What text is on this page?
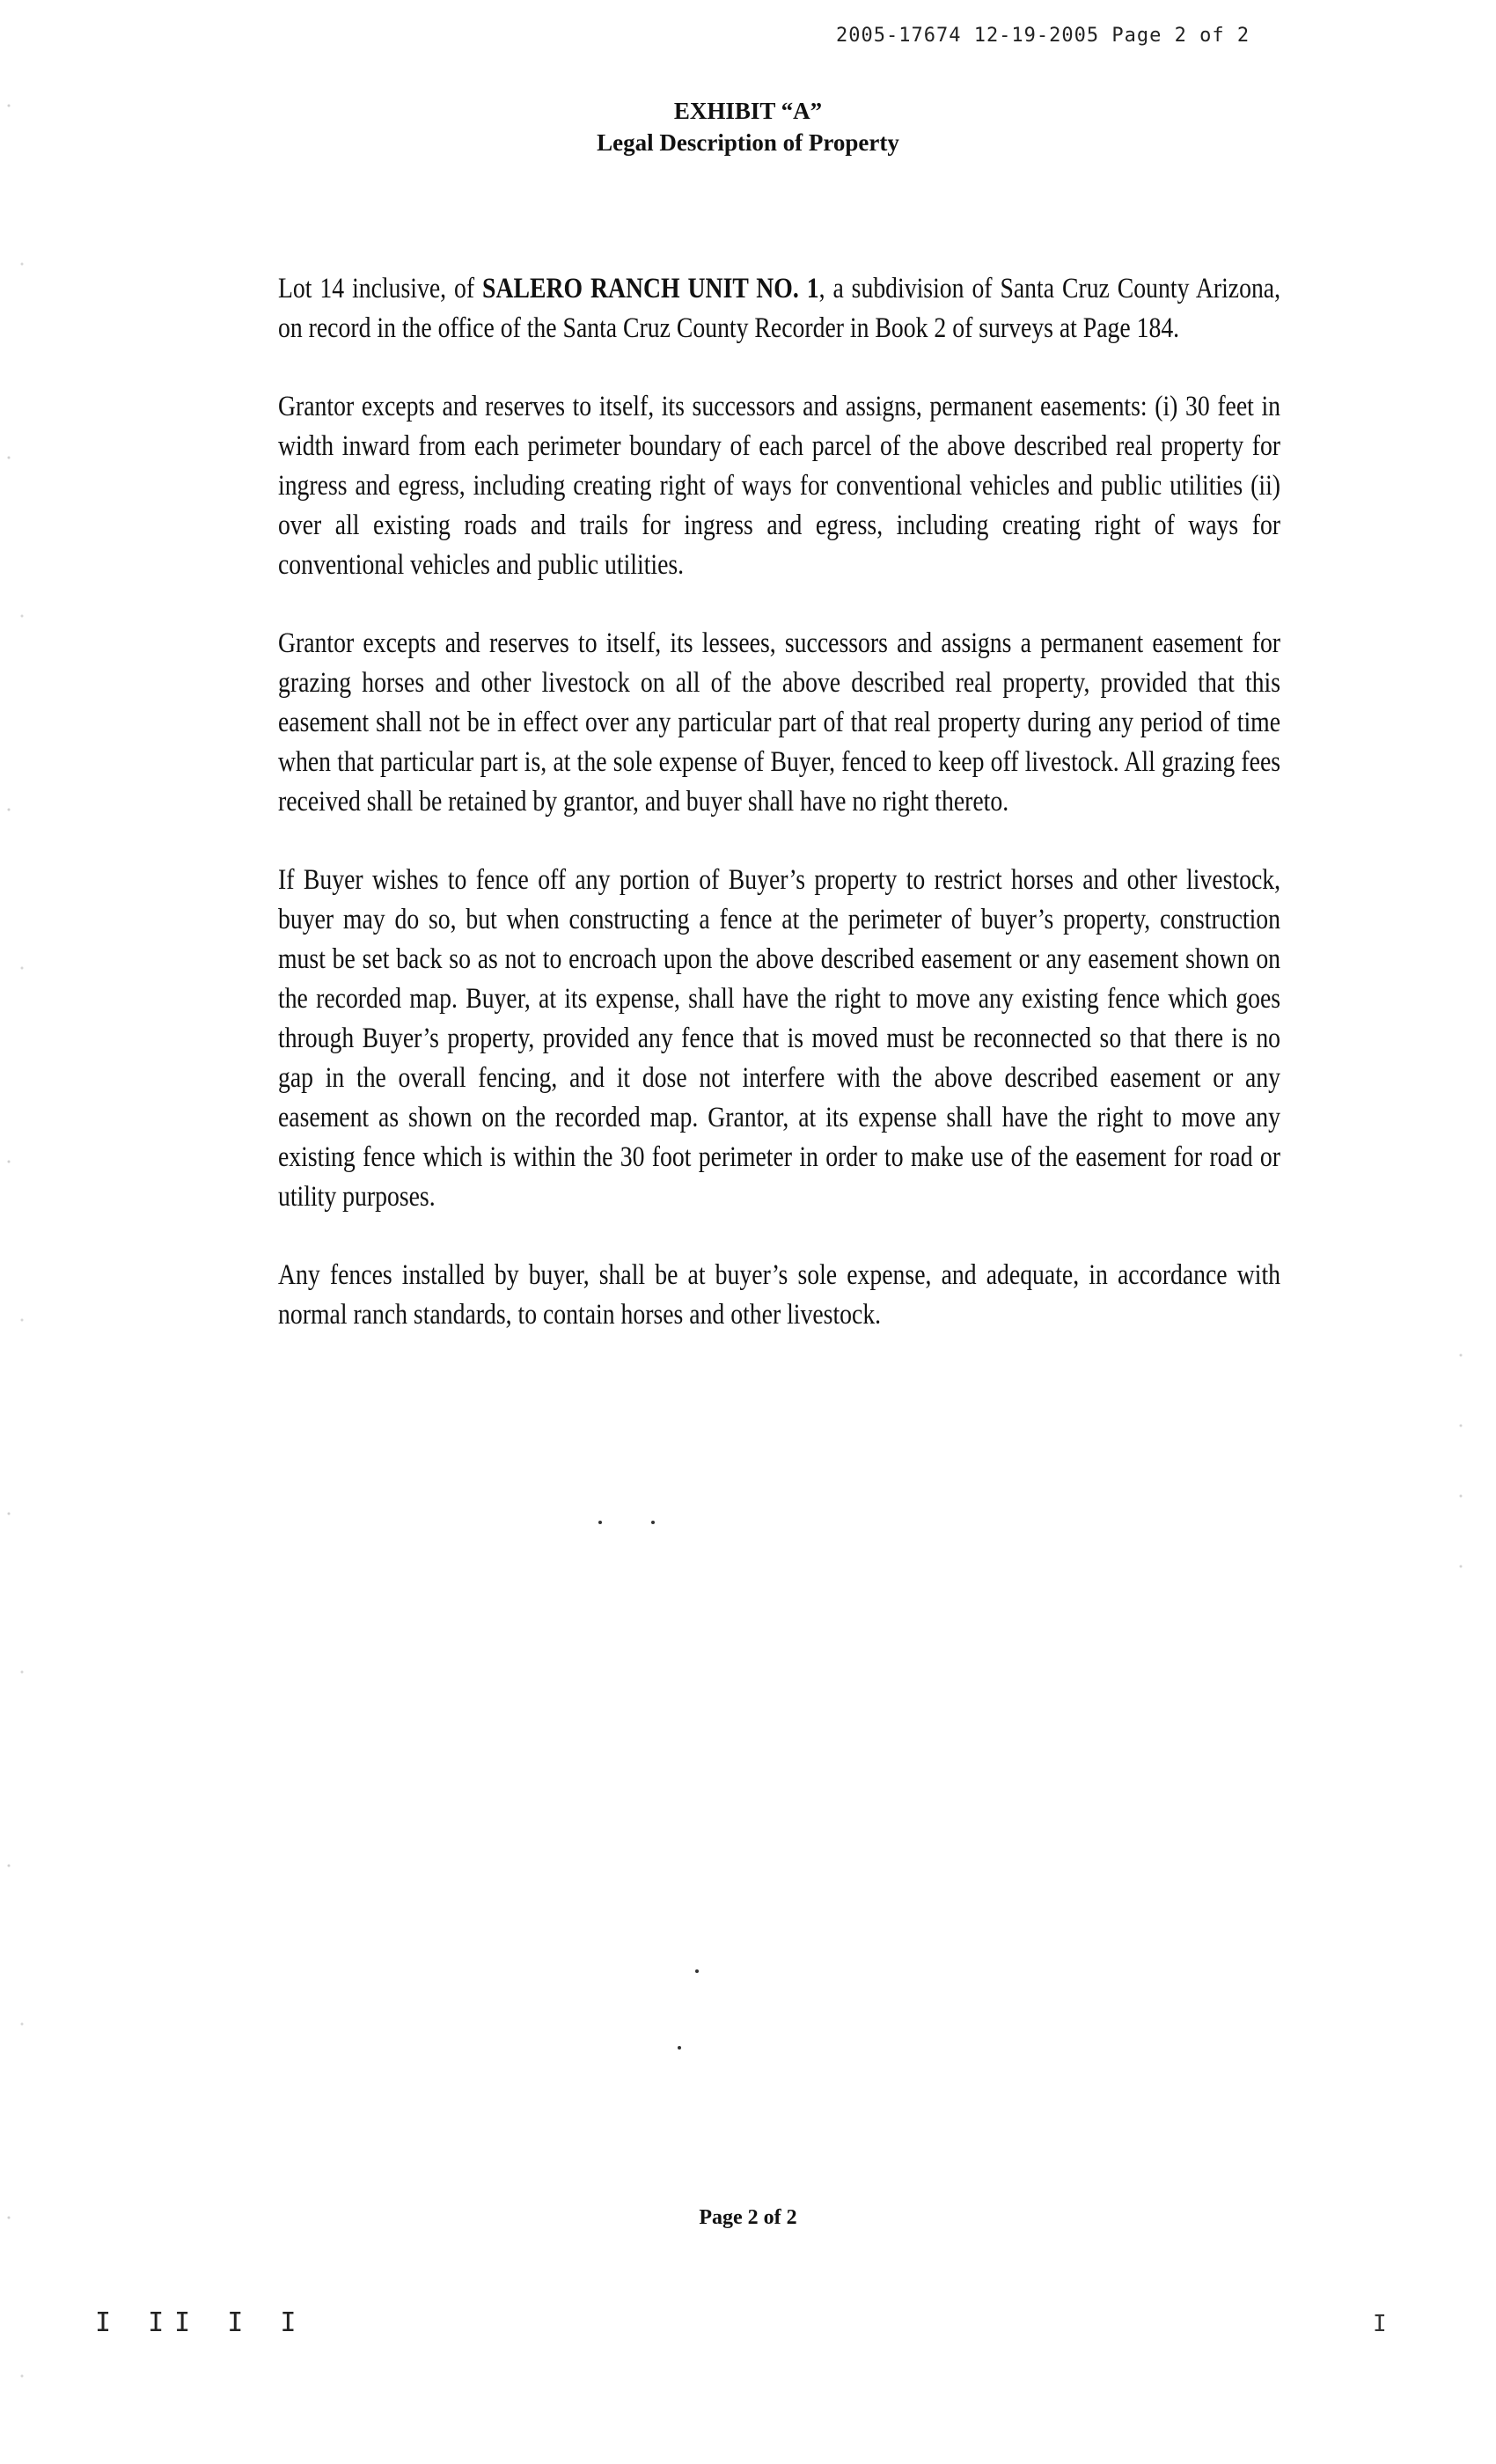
2005-17674 12-19-2005 Page 2 of 2
EXHIBIT “A”
Legal Description of Property

Lot 14 inclusive, of SALERO RANCH UNIT NO. 1, a subdivision of Santa Cruz County Arizona, on record in the office of the Santa Cruz County Recorder in Book 2 of surveys at Page 184.

Grantor excepts and reserves to itself, its successors and assigns, permanent easements: (i) 30 feet in width inward from each perimeter boundary of each parcel of the above described real property for ingress and egress, including creating right of ways for conventional vehicles and public utilities (ii) over all existing roads and trails for ingress and egress, including creating right of ways for conventional vehicles and public utilities.

Grantor excepts and reserves to itself, its lessees, successors and assigns a permanent easement for grazing horses and other livestock on all of the above described real property, provided that this easement shall not be in effect over any particular part of that real property during any period of time when that particular part is, at the sole expense of Buyer, fenced to keep off livestock. All grazing fees received shall be retained by grantor, and buyer shall have no right thereto.

If Buyer wishes to fence off any portion of Buyer’s property to restrict horses and other livestock, buyer may do so, but when constructing a fence at the perimeter of buyer’s property, construction must be set back so as not to encroach upon the above described easement or any easement shown on the recorded map. Buyer, at its expense, shall have the right to move any existing fence which goes through Buyer’s property, provided any fence that is moved must be reconnected so that there is no gap in the overall fencing, and it dose not interfere with the above described easement or any easement as shown on the recorded map. Grantor, at its expense shall have the right to move any existing fence which is within the 30 foot perimeter in order to make use of the easement for road or utility purposes.

Any fences installed by buyer, shall be at buyer’s sole expense, and adequate, in accordance with normal ranch standards, to contain horses and other livestock.

Page 2 of 2
I II I I	I
